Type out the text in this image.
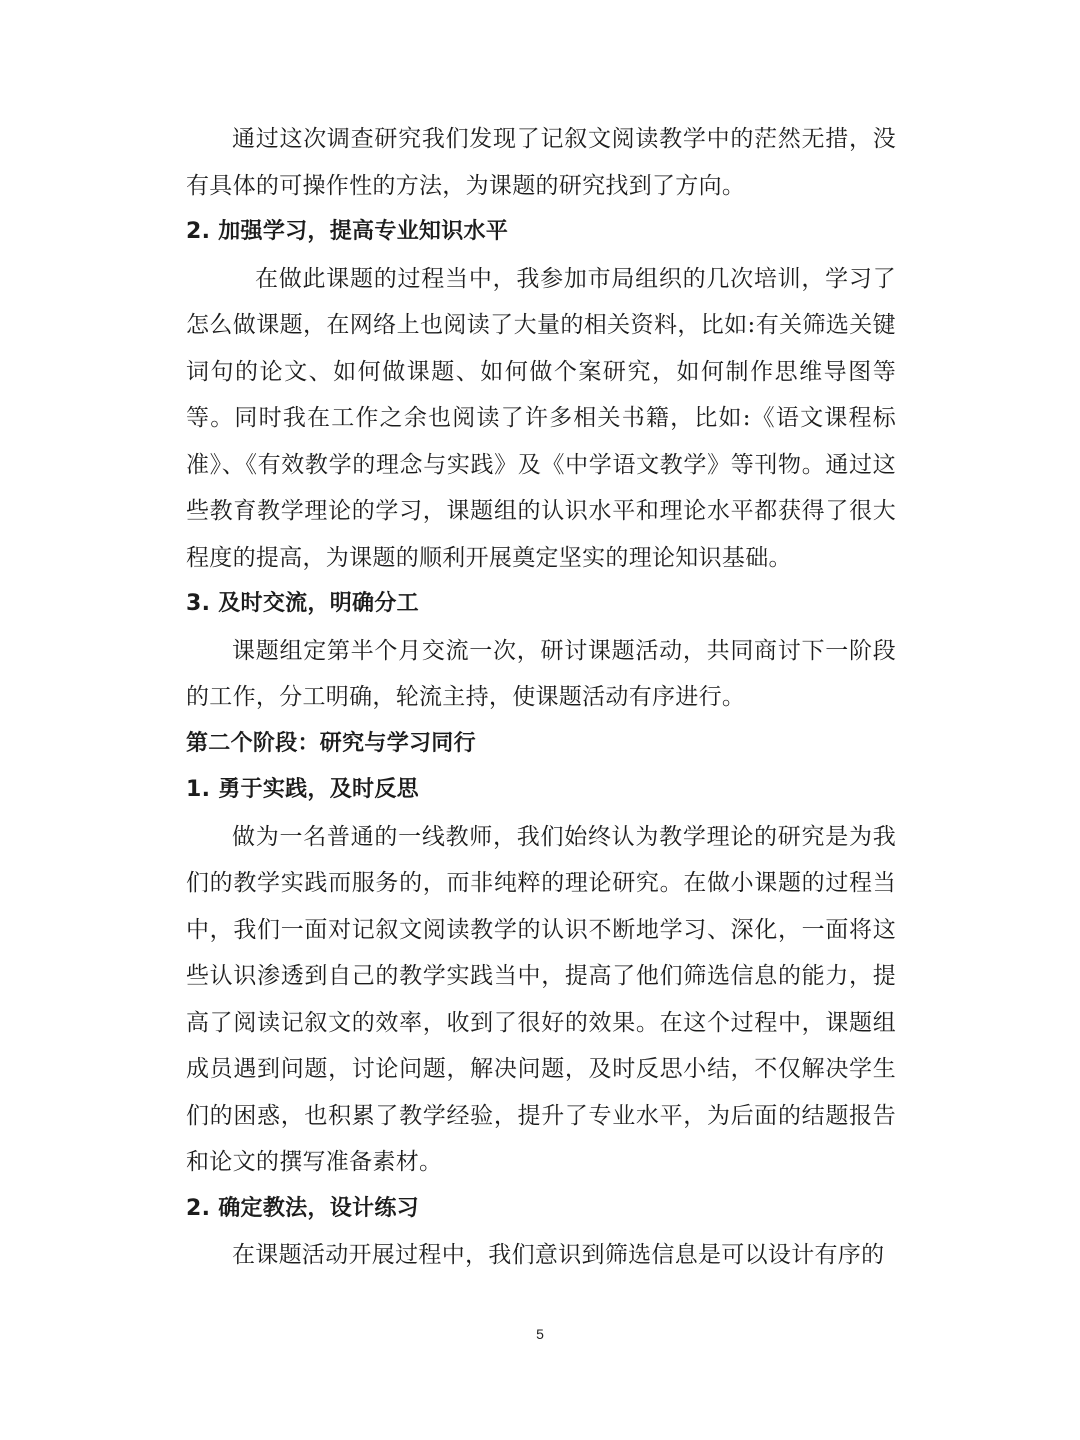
通过这次调查研究我们发现了记叙文阅读教学中的茫然无措，没有具体的可操作性的方法，为课题的研究找到了方向。

2. 加强学习，提高专业知识水平

在做此课题的过程当中，我参加市局组织的几次培训，学习了怎么做课题，在网络上也阅读了大量的相关资料，比如:有关筛选关键词句的论文、如何做课题、如何做个案研究，如何制作思维导图等等。同时我在工作之余也阅读了许多相关书籍，比如:《语文课程标准》、《有效教学的理念与实践》及《中学语文教学》等刊物。通过这些教育教学理论的学习，课题组的认识水平和理论水平都获得了很大程度的提高，为课题的顺利开展奠定坚实的理论知识基础。

3. 及时交流，明确分工

课题组定第半个月交流一次，研讨课题活动，共同商讨下一阶段的工作，分工明确，轮流主持，使课题活动有序进行。

第二个阶段：研究与学习同行

1. 勇于实践，及时反思

做为一名普通的一线教师，我们始终认为教学理论的研究是为我们的教学实践而服务的，而非纯粹的理论研究。在做小课题的过程当中，我们一面对记叙文阅读教学的认识不断地学习、深化，一面将这些认识渗透到自己的教学实践当中，提高了他们筛选信息的能力，提高了阅读记叙文的效率，收到了很好的效果。在这个过程中，课题组成员遇到问题，讨论问题，解决问题，及时反思小结，不仅解决学生们的困惑，也积累了教学经验，提升了专业水平，为后面的结题报告和论文的撰写准备素材。

2. 确定教法，设计练习

在课题活动开展过程中，我们意识到筛选信息是可以设计有序的

5
